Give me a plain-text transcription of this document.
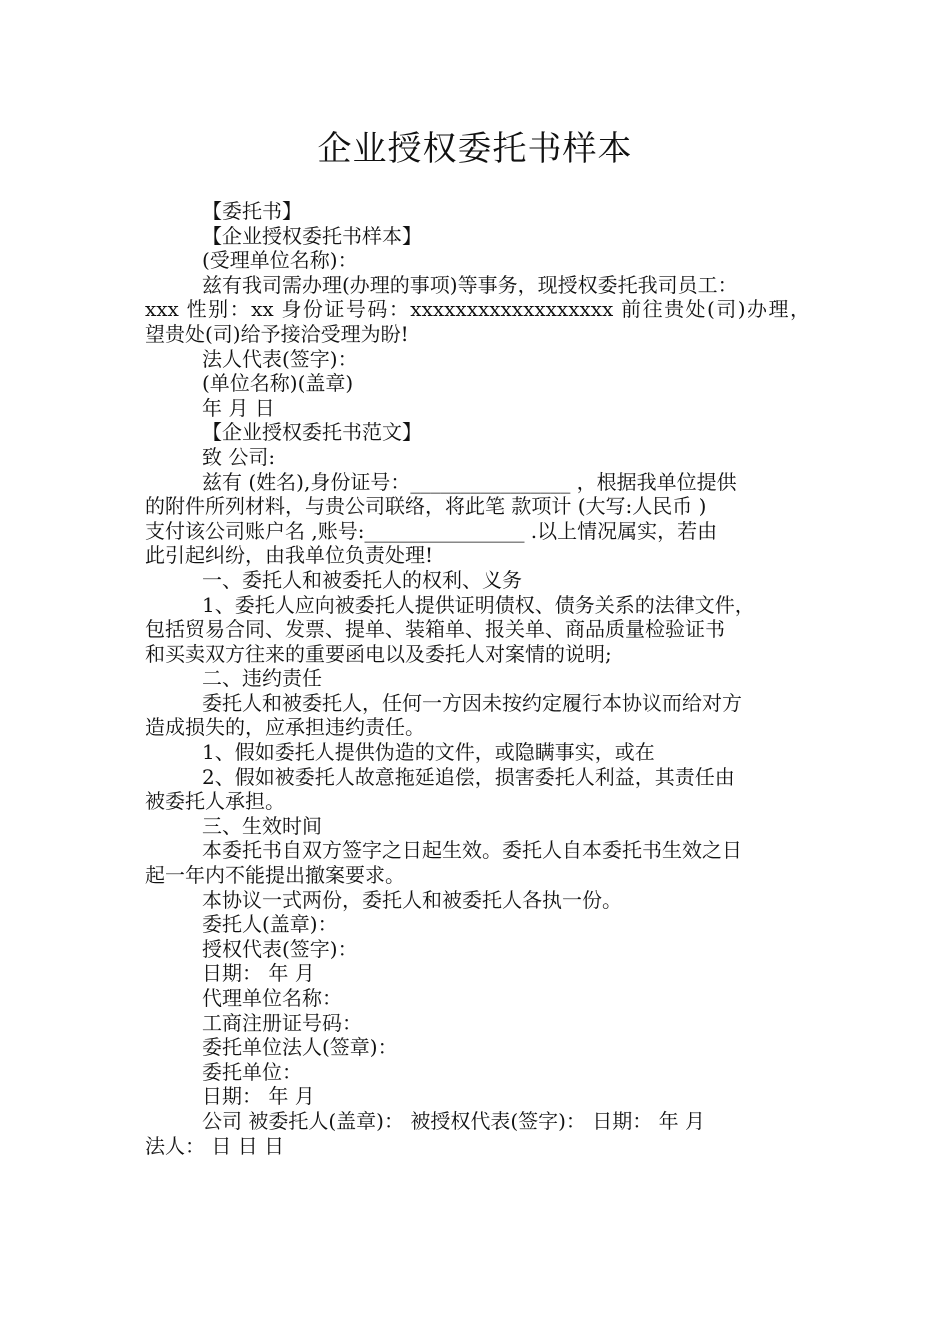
企业授权委托书样本

【委托书】

【企业授权委托书样本】

(受理单位名称)：

兹有我司需办理(办理的事项)等事务，现授权委托我司员工：

xxx 性别：xx 身份证号码：xxxxxxxxxxxxxxxxxx 前往贵处(司)办理，

望贵处(司)给予接洽受理为盼!

法人代表(签字)：

(单位名称)(盖章)

年 月 日

【企业授权委托书范文】

致 公司:

兹有 (姓名),身份证号：________________ ，根据我单位提供

的附件所列材料，与贵公司联络，将此笔 款项计 (大写:人民币 )

支付该公司账户名 ,账号:________________ .以上情况属实，若由

此引起纠纷，由我单位负责处理!

一、委托人和被委托人的权利、义务

1、委托人应向被委托人提供证明债权、债务关系的法律文件，

包括贸易合同、发票、提单、装箱单、报关单、商品质量检验证书

和买卖双方往来的重要函电以及委托人对案情的说明;

二、违约责任

委托人和被委托人，任何一方因未按约定履行本协议而给对方

造成损失的，应承担违约责任。

1、假如委托人提供伪造的文件，或隐瞒事实，或在

2、假如被委托人故意拖延追偿，损害委托人利益，其责任由

被委托人承担。

三、生效时间

本委托书自双方签字之日起生效。委托人自本委托书生效之日

起一年内不能提出撤案要求。

本协议一式两份，委托人和被委托人各执一份。

委托人(盖章)：

授权代表(签字)：

日期： 年 月

代理单位名称：

工商注册证号码：

委托单位法人(签章)：

委托单位：

日期： 年 月

公司 被委托人(盖章)： 被授权代表(签字)： 日期： 年 月

法人： 日 日 日
